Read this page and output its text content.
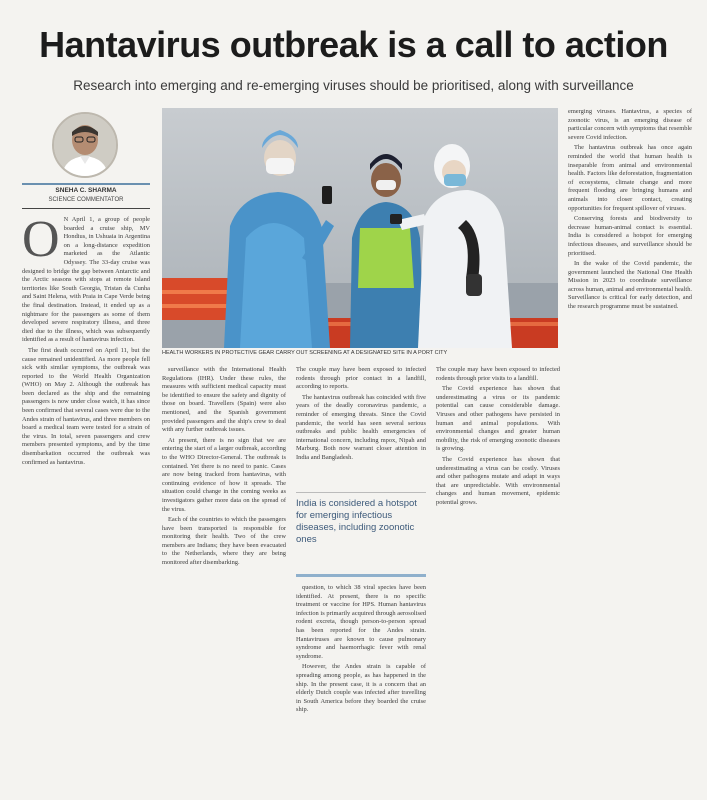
Hantavirus outbreak is a call to action

Research into emerging and re-emerging viruses should be prioritised, along with surveillance

SNEHA C. SHARMA
SCIENCE COMMENTATOR
HEALTH WORKERS IN PROTECTIVE GEAR CARRY OUT SCREENING AT A DESIGNATED SITE IN A PORT CITY
O N April 1, a group of people boarded a cruise ship, MV Hondius, in Ushuaia in Argentina on a long-distance expedition marketed as the Atlantic Odyssey. The 33-day cruise was designed to bridge the gap between Antarctic and the Arctic seasons with stops at remote island territories like South Georgia, Tristan da Cunha and Saint Helena, with Praia in Cape Verde being the final destination. Instead, it ended up as a nightmare for the passengers as some of them developed severe respiratory illness, and three died due to the illness, which was subsequently identified as a result of hantavirus infection.

The first death occurred on April 11, but the cause remained unidentified. As more people fell sick with similar symptoms, the outbreak was reported to the World Health Organization (WHO) on May 2. Although the outbreak has been declared as the ship and the remaining passengers is now under close watch, it has since been confirmed that several cases were due to the Andes strain of hantavirus, and three members on board a medical team were tested for a strain of the virus. In total, seven passengers and crew members presented symptoms, and by the time disembarkation occurred the outbreak was confirmed as hantavirus.

surveillance with the International Health Regulations (IHR). Under these rules, the measures with sufficient medical capacity must be identified to ensure the safety and dignity of those on board. Travellers (Spain) were also mentioned, and the Spanish government provided passengers and the ship's crew to deal with any further outbreak issues.

At present, there is no sign that we are entering the start of a larger outbreak, according to the WHO Director-General. The outbreak is contained. Yet there is no need to panic. Cases are now being tracked from hantavirus, with continuing evidence of how it spreads. The situation could change in the coming weeks as investigators gather more data on the spread of the virus.

Each of the countries to which the passengers have been transported is responsible for monitoring their health. Two of the crew members are Indians; they have been evacuated to the Netherlands, where they are being monitored after disembarking.

The couple may have been exposed to infected rodents through prior contact in a landfill, according to reports.

The hantavirus outbreak has coincided with five years of the deadly coronavirus pandemic, a reminder of emerging threats. Since the Covid pandemic, the world has seen several serious outbreaks and public health emergencies of international concern, including mpox, Nipah and Marburg. Both now warrant closer attention in India and Bangladesh.

India is considered a hotspot for emerging infectious diseases, including zoonotic ones

question, to which 38 viral species have been identified. At present, there is no specific treatment or vaccine for HPS. Human hantavirus infection is primarily acquired through aerosolised rodent excreta, though person-to-person spread has been reported for the Andes strain. Hantaviruses are known to cause pulmonary syndrome and haemorrhagic fever with renal syndrome.

However, the Andes strain is capable of spreading among people, as has happened in the ship. In the present case, it is a concern that an elderly Dutch couple was infected after travelling in South America before they boarded the cruise ship.

The couple may have been exposed to infected rodents through prior visits to a landfill.

The Covid experience has shown that underestimating a virus or its pandemic potential can cause considerable damage. Viruses and other pathogens have persisted in human and animal populations. With environmental changes and greater human mobility, the risk of emerging zoonotic diseases is growing.

The Covid experience has shown that underestimating a virus can be costly. Viruses and other pathogens mutate and adapt in ways that are unpredictable. With environmental changes and human movement, epidemic potential grows.

emerging viruses. Hantavirus, a species of zoonotic virus, is an emerging disease of particular concern with symptoms that resemble severe Covid infection.

The hantavirus outbreak has once again reminded the world that human health is inseparable from animal and environmental health. Factors like deforestation, fragmentation of ecosystems, climate change and more frequent flooding are bringing humans and animals into closer contact, creating opportunities for frequent spillover of viruses.

Conserving forests and biodiversity to decrease human-animal contact is essential. India is considered a hotspot for emerging infectious diseases, and surveillance should be prioritised.

In the wake of the Covid pandemic, the government launched the National One Health Mission in 2023 to coordinate surveillance across human, animal and environmental health. Surveillance is critical for early detection, and the research programme must be sustained.
